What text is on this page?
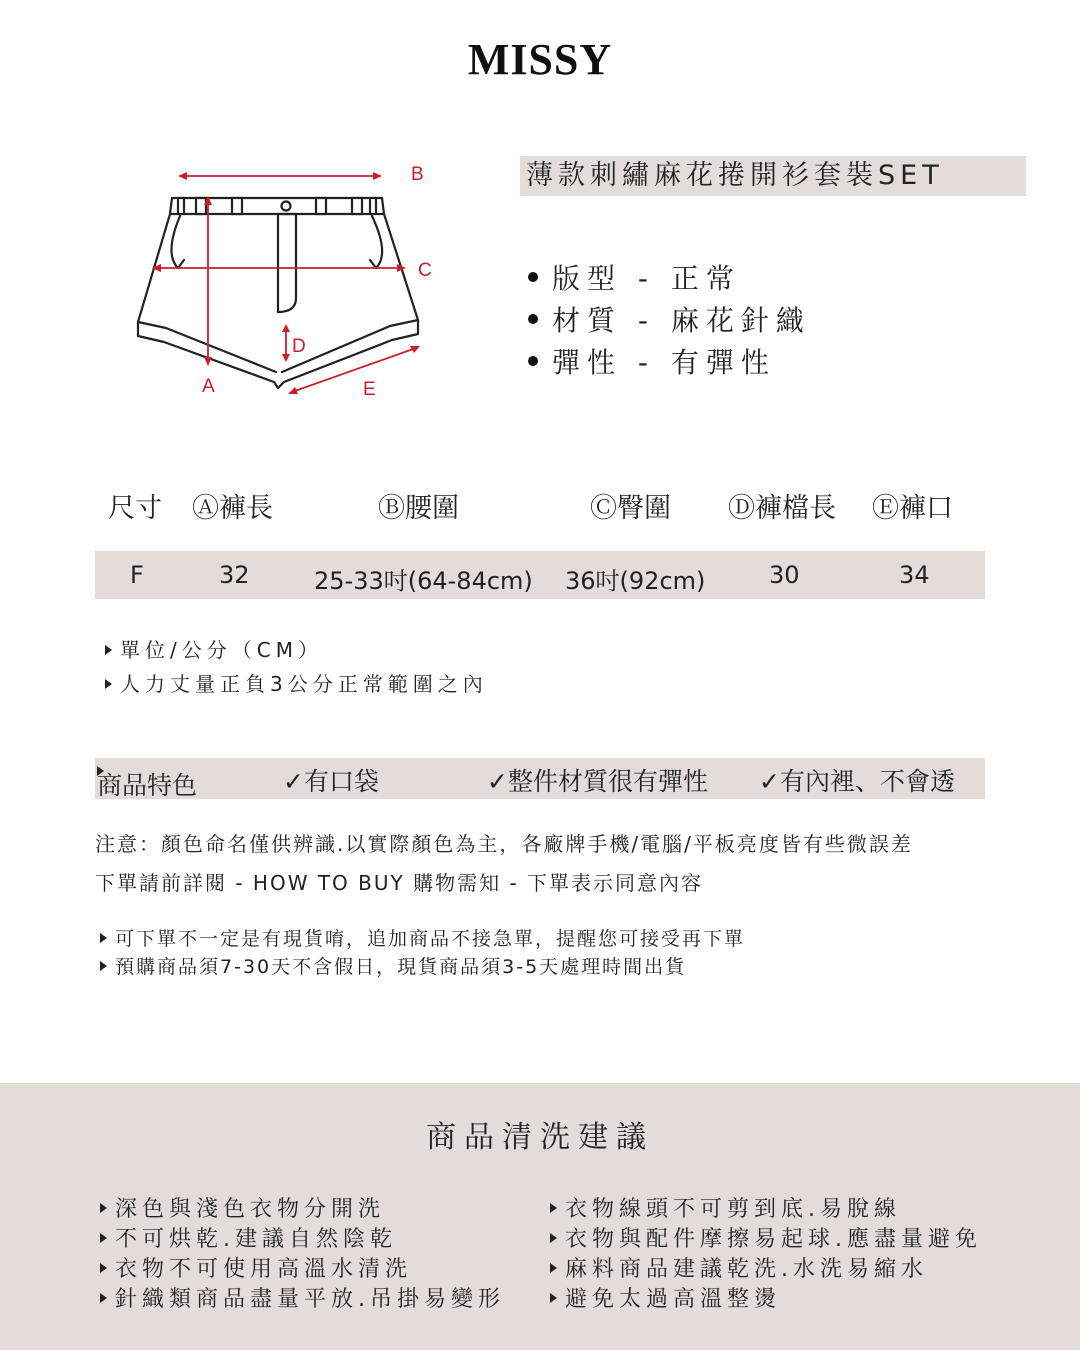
MISSY
B
C
D
A	E
薄款刺繡麻花捲開衫套裝SET
版型 - 正常
材質 - 麻花針織
彈性 - 有彈性
尺寸 Ⓐ褲長	Ⓑ腰圍	Ⓒ臀圍 Ⓓ褲檔長 Ⓔ褲口
F	32	25-33吋(64-84cm) 36吋(92cm)	30	34
單位/公分（CM）
人力丈量正負3公分正常範圍之內
商品特色	✓有口袋	✓整件材質很有彈性 ✓有內裡、不會透
注意：顏色命名僅供辨識.以實際顏色為主，各廠牌手機/電腦/平板亮度皆有些微誤差
下單請前詳閱 - HOW TO BUY 購物需知 - 下單表示同意內容
可下單不一定是有現貨唷，追加商品不接急單，提醒您可接受再下單
預購商品須7-30天不含假日，現貨商品須3-5天處理時間出貨
商品清洗建議
深色與淺色衣物分開洗
不可烘乾.建議自然陰乾
衣物不可使用高溫水清洗
針織類商品盡量平放.吊掛易變形
衣物線頭不可剪到底.易脫線
衣物與配件摩擦易起球.應盡量避免
麻料商品建議乾洗.水洗易縮水
避免太過高溫整燙
